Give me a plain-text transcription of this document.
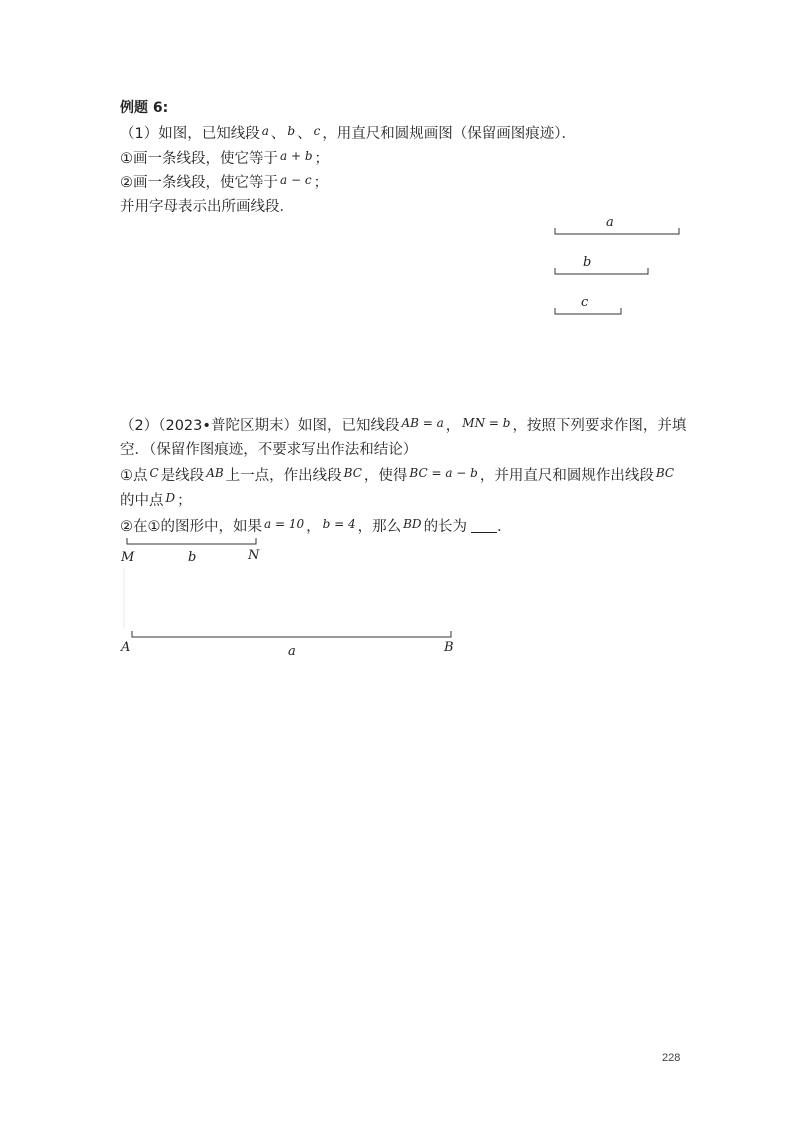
例题 6:
（1）如图，已知线段 $^a$ 、 $^b$ 、 $^c$ ，用直尺和圆规画图（保留画图痕迹）．
①画一条线段，使它等于 $^{a + b}$ ；
②画一条线段，使它等于 $^{a - c}$ ；
并用字母表示出所画线段．
a
b
c
M	b	N
A	a	B
（2）（2023•普陀区期末）如图，已知线段 $^{AB = a}$ ， $^{MN = b}$ ，按照下列要求作图，并填
空．（保留作图痕迹，不要求写出作法和结论）
①点 $^C$ 是线段 $^{AB}$ 上一点，作出线段 $^{BC}$ ，使得 $^{BC = a - b}$ ，并用直尺和圆规作出线段 $^{BC}$
的中点 $^D$ ；
②在①的图形中，如果 $^{a = 10}$ ， $^{b = 4}$ ，那么 $^{BD}$ 的长为 ．
228
